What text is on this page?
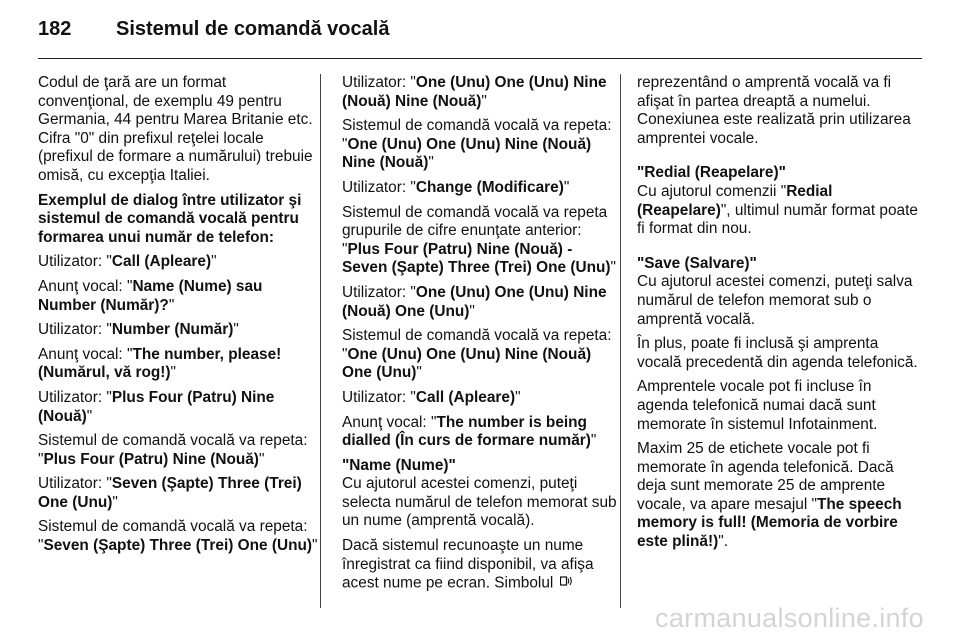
182	Sistemul de comandă vocală

Codul de ţară are un format convenţional, de exemplu 49 pentru Germania, 44 pentru Marea Britanie etc. Cifra "0" din prefixul reţelei locale (prefixul de formare a numărului) trebuie omisă, cu excepţia Italiei.

Exemplul de dialog între utilizator şi sistemul de comandă vocală pentru formarea unui număr de telefon:

Utilizator: "Call (Apleare)"

Anunţ vocal: "Name (Nume) sau Number (Număr)?"

Utilizator: "Number (Număr)"

Anunţ vocal: "The number, please! (Numărul, vă rog!)"

Utilizator: "Plus Four (Patru) Nine (Nouă)"

Sistemul de comandă vocală va repeta: "Plus Four (Patru) Nine (Nouă)"

Utilizator: "Seven (Şapte) Three (Trei) One (Unu)"

Sistemul de comandă vocală va repeta: "Seven (Şapte) Three (Trei) One (Unu)"

Utilizator: "One (Unu) One (Unu) Nine (Nouă) Nine (Nouă)"

Sistemul de comandă vocală va repeta: "One (Unu) One (Unu) Nine (Nouă) Nine (Nouă)"

Utilizator: "Change (Modificare)"

Sistemul de comandă vocală va repeta grupurile de cifre enunţate anterior: "Plus Four (Patru) Nine (Nouă) - Seven (Şapte) Three (Trei) One (Unu)"

Utilizator: "One (Unu) One (Unu) Nine (Nouă) One (Unu)"

Sistemul de comandă vocală va repeta: "One (Unu) One (Unu) Nine (Nouă) One (Unu)"

Utilizator: "Call (Apleare)"

Anunţ vocal: "The number is being dialled (În curs de formare număr)"

"Name (Nume)"

Cu ajutorul acestei comenzi, puteţi selecta numărul de telefon memorat sub un nume (amprentă vocală).

Dacă sistemul recunoaşte un nume înregistrat ca fiind disponibil, va afişa acest nume pe ecran. Simbolul

reprezentând o amprentă vocală va fi afişat în partea dreaptă a numelui. Conexiunea este realizată prin utilizarea amprentei vocale.

"Redial (Reapelare)"

Cu ajutorul comenzii "Redial (Reapelare)", ultimul număr format poate fi format din nou.

"Save (Salvare)"

Cu ajutorul acestei comenzi, puteţi salva numărul de telefon memorat sub o amprentă vocală.

În plus, poate fi inclusă şi amprenta vocală precedentă din agenda telefonică.

Amprentele vocale pot fi incluse în agenda telefonică numai dacă sunt memorate în sistemul Infotainment.

Maxim 25 de etichete vocale pot fi memorate în agenda telefonică. Dacă deja sunt memorate 25 de amprente vocale, va apare mesajul "The speech memory is full! (Memoria de vorbire este plină!)".

carmanualsonline.info
